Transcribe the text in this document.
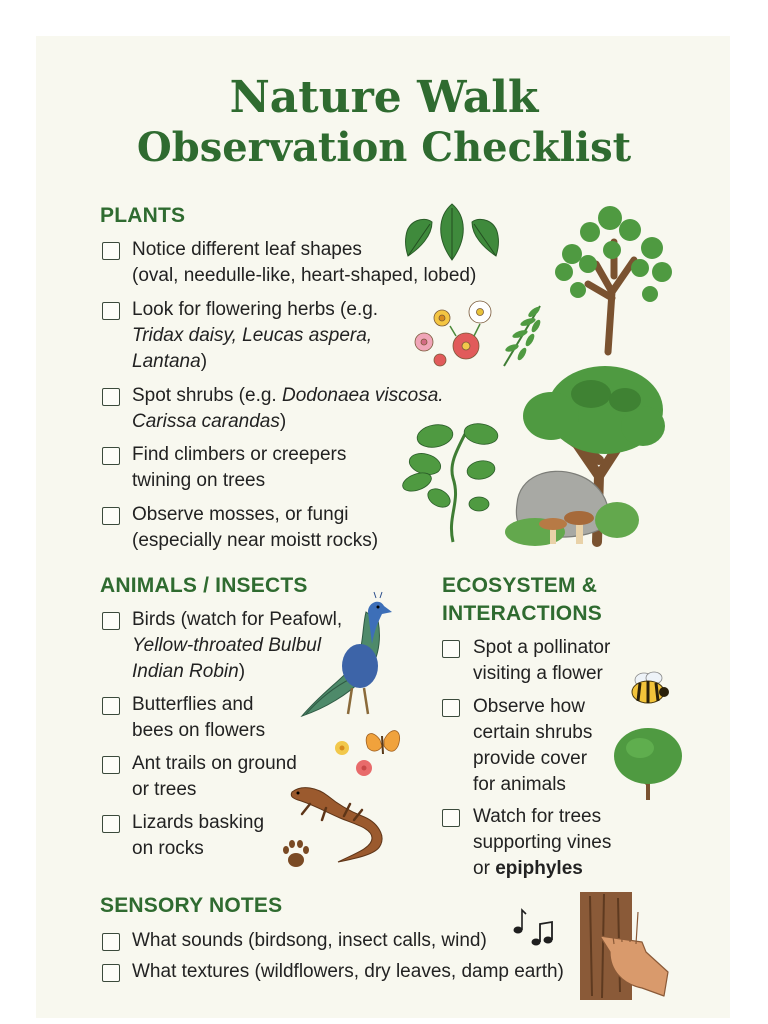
Nature Walk
Observation Checklist
PLANTS
Notice different leaf shapes
(oval, needulle-like, heart-shaped, lobed)
Look for flowering herbs (e.g.
Tridax daisy, Leucas aspera,
Lantana)
Spot shrubs (e.g. Dodonaea viscosa.
Carissa carandas)
Find climbers or creepers
twining on trees
Observe mosses, or fungi
(especially near moistt rocks)
ANIMALS / INSECTS
Birds (watch for Peafowl,
Yellow-throated Bulbul
Indian Robin)
Butterflies and
bees on flowers
Ant trails on ground
or trees
Lizards basking
on rocks
ECOSYSTEM &
INTERACTIONS
Spot a pollinator
visiting a flower
Observe how
certain shrubs
provide cover
for animals
Watch for trees
supporting vines
or epiphyles
SENSORY NOTES
What sounds (birdsong, insect calls, wind)
What textures (wildflowers, dry leaves, damp earth)
